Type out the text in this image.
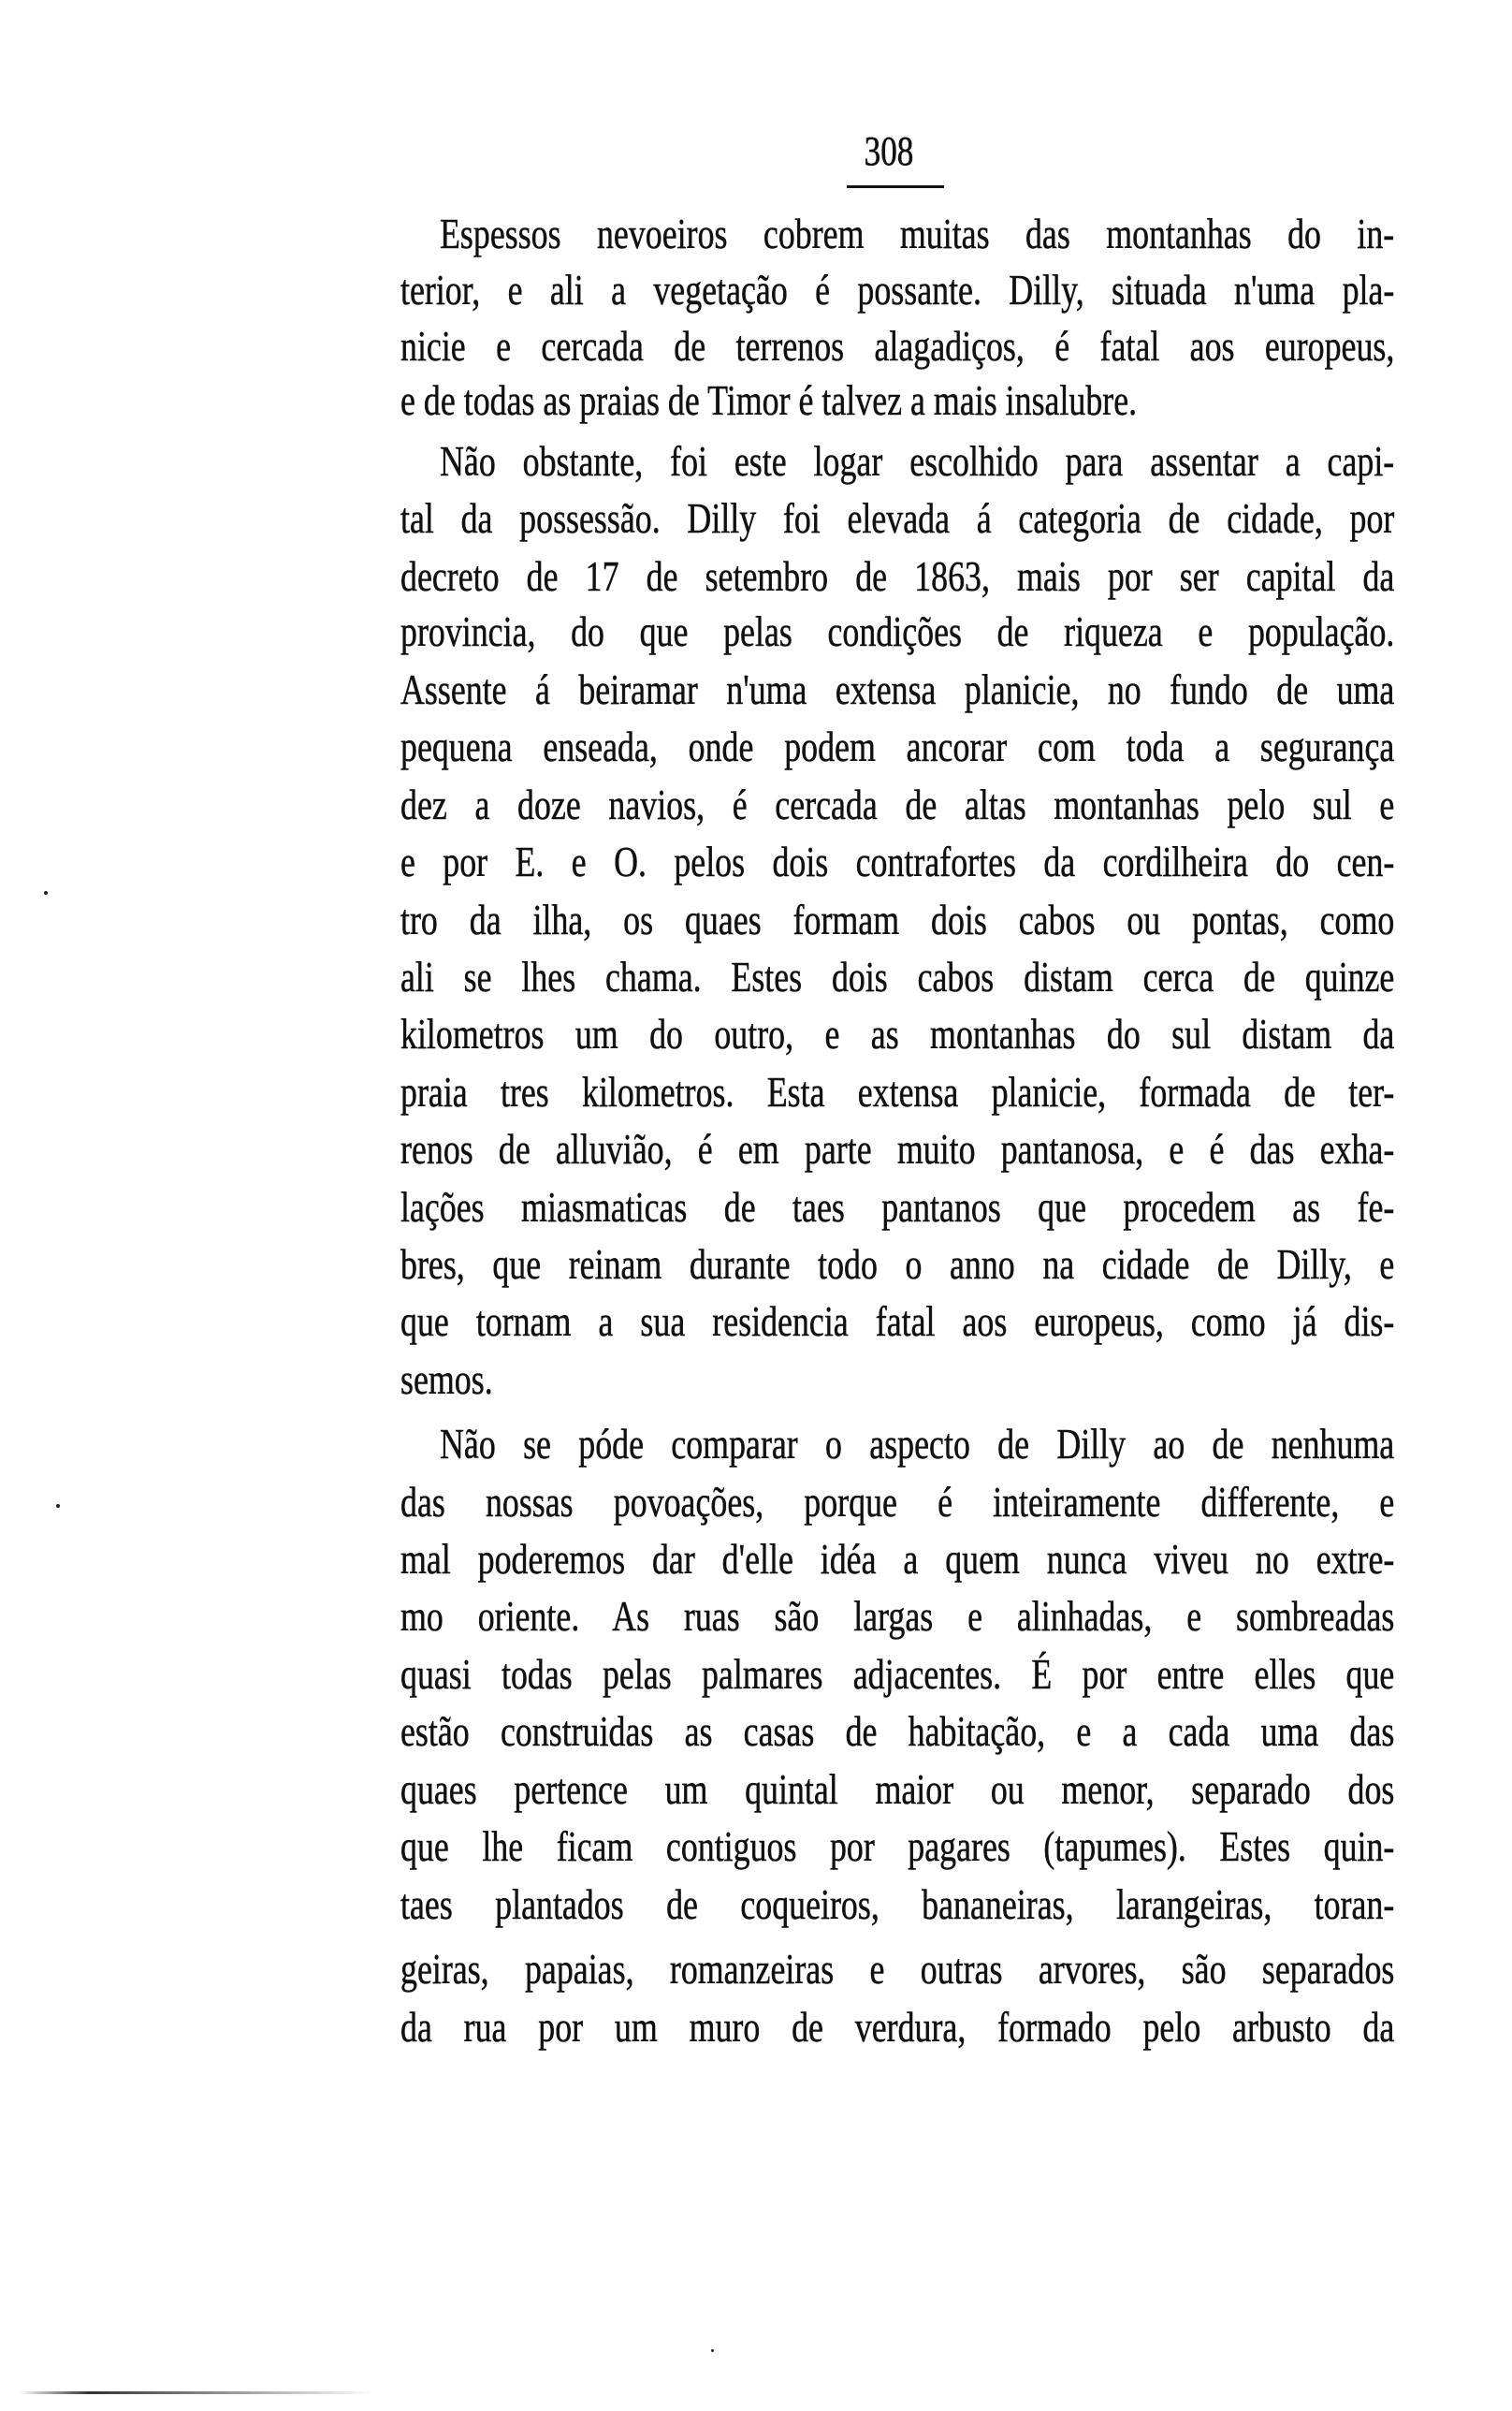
308
Espessos nevoeiros cobrem muitas das montanhas do in-
terior, e ali a vegetação é possante. Dilly, situada n'uma pla-
nicie e cercada de terrenos alagadiços, é fatal aos europeus,
e de todas as praias de Timor é talvez a mais insalubre.
Não obstante, foi este logar escolhido para assentar a capi-
tal da possessão. Dilly foi elevada á categoria de cidade, por
decreto de 17 de setembro de 1863, mais por ser capital da
provincia, do que pelas condições de riqueza e população.
Assente á beiramar n'uma extensa planicie, no fundo de uma
pequena enseada, onde podem ancorar com toda a segurança
dez a doze navios, é cercada de altas montanhas pelo sul e
e por E. e O. pelos dois contrafortes da cordilheira do cen-
tro da ilha, os quaes formam dois cabos ou pontas, como
ali se lhes chama. Estes dois cabos distam cerca de quinze
kilometros um do outro, e as montanhas do sul distam da
praia tres kilometros. Esta extensa planicie, formada de ter-
renos de alluvião, é em parte muito pantanosa, e é das exha-
lações miasmaticas de taes pantanos que procedem as fe-
bres, que reinam durante todo o anno na cidade de Dilly, e
que tornam a sua residencia fatal aos europeus, como já dis-
semos.
Não se póde comparar o aspecto de Dilly ao de nenhuma
das nossas povoações, porque é inteiramente differente, e
mal poderemos dar d'elle idéa a quem nunca viveu no extre-
mo oriente. As ruas são largas e alinhadas, e sombreadas
quasi todas pelas palmares adjacentes. É por entre elles que
estão construidas as casas de habitação, e a cada uma das
quaes pertence um quintal maior ou menor, separado dos
que lhe ficam contiguos por pagares (tapumes). Estes quin-
taes plantados de coqueiros, bananeiras, larangeiras, toran-
geiras, papaias, romanzeiras e outras arvores, são separados
da rua por um muro de verdura, formado pelo arbusto da
